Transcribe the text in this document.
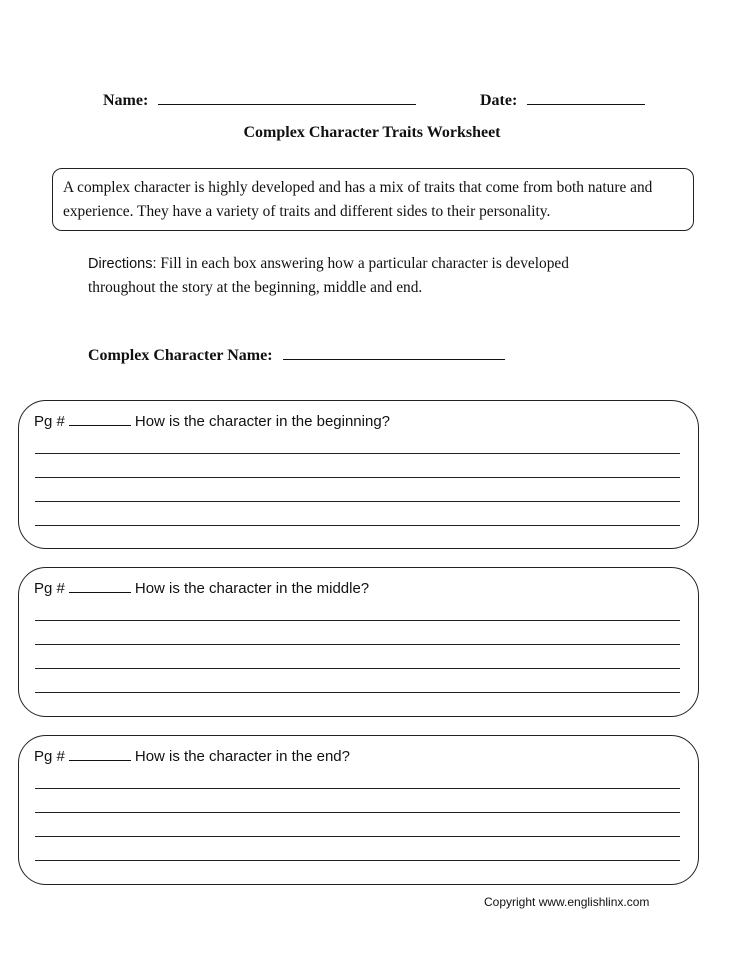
Name:	Date:
Complex Character Traits Worksheet
A complex character is highly developed and has a mix of traits that come from both nature and experience. They have a variety of traits and different sides to their personality.
Directions: Fill in each box answering how a particular character is developed throughout the story at the beginning, middle and end.
Complex Character Name:
Pg #	How is the character in the beginning?
Pg #	How is the character in the middle?
Pg #	How is the character in the end?
Copyright www.englishlinx.com
